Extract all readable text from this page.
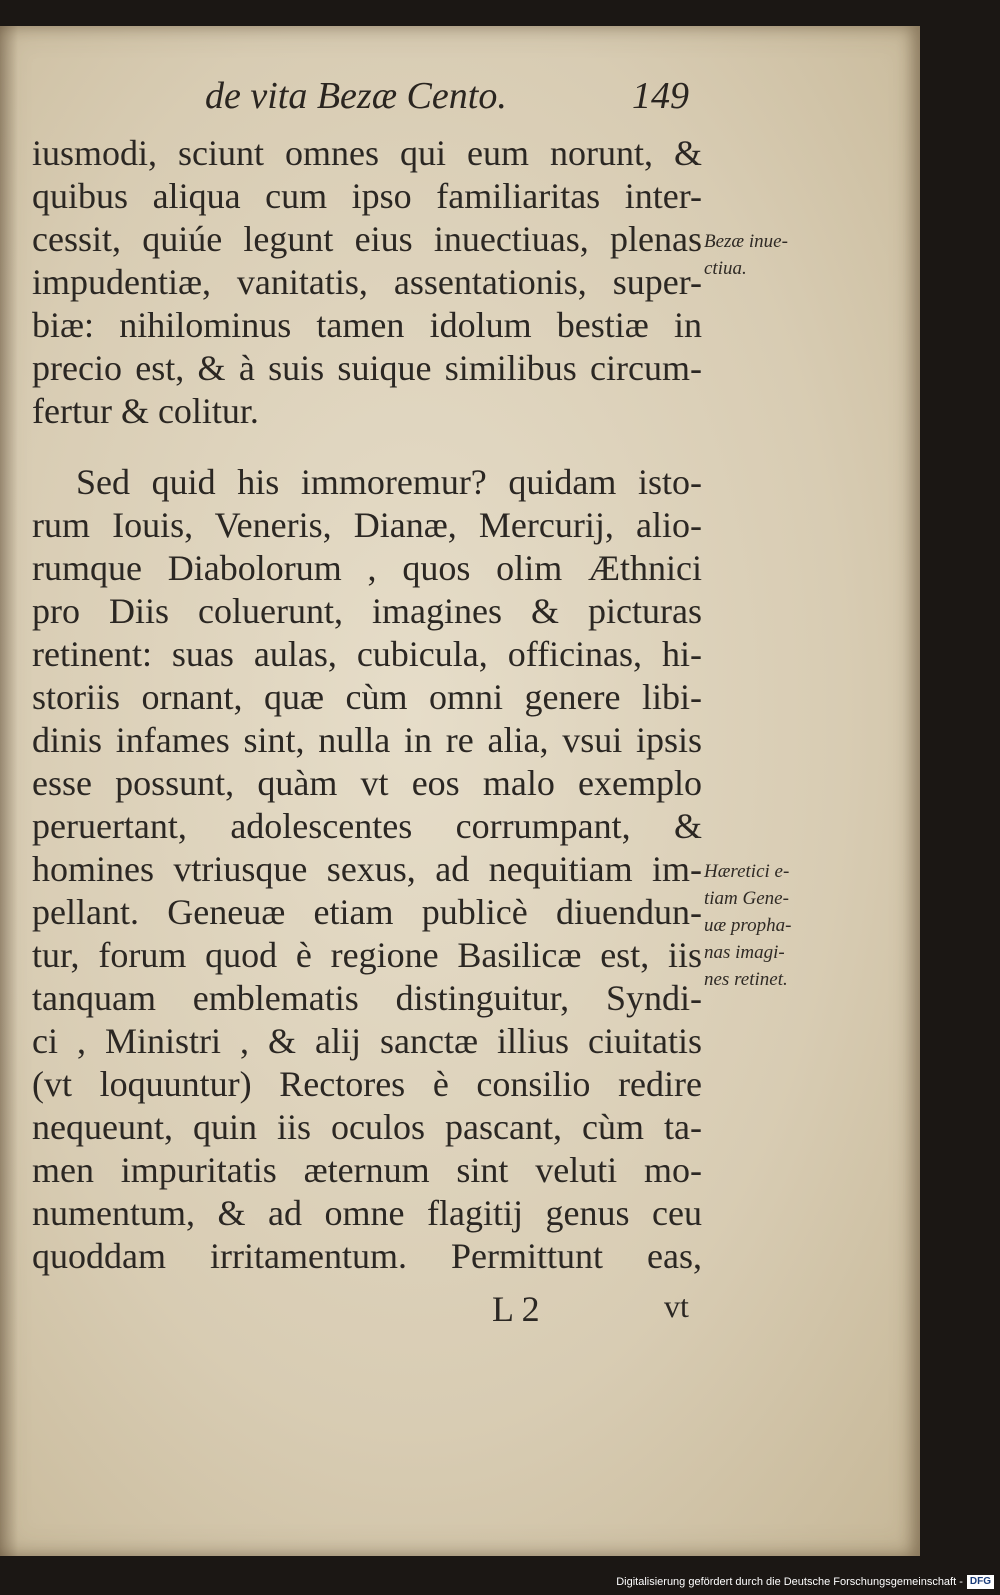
de vita Bezæ Cento.	149
iusmodi, sciunt omnes qui eum norunt, &
quibus aliqua cum ipso familiaritas inter-
cessit, quiúe legunt eius inuectiuas, plenas
impudentiæ, vanitatis, assentationis, super-
biæ: nihilominus tamen idolum bestiæ in
precio est, & à suis suique similibus circum-
fertur & colitur.
Sed quid his immoremur? quidam isto-
rum Iouis, Veneris, Dianæ, Mercurij, alio-
rumque Diabolorum , quos olim Æthnici
pro Diis coluerunt, imagines & picturas
retinent: suas aulas, cubicula, officinas, hi-
storiis ornant, quæ cùm omni genere libi-
dinis infames sint, nulla in re alia, vsui ipsis
esse possunt, quàm vt eos malo exemplo
peruertant, adolescentes corrumpant, &
homines vtriusque sexus, ad nequitiam im-
pellant. Geneuæ etiam publicè diuendun-
tur, forum quod è regione Basilicæ est, iis
tanquam emblematis distinguitur, Syndi-
ci , Ministri , & alij sanctæ illius ciuitatis
(vt loquuntur) Rectores è consilio redire
nequeunt, quin iis oculos pascant, cùm ta-
men impuritatis æternum sint veluti mo-
numentum, & ad omne flagitij genus ceu
quoddam irritamentum. Permittunt eas,
Bezæ inue-
ctiua.
Hæretici e-
tiam Gene-
uæ propha-
nas imagi-
nes retinet.
L 2	vt
Digitalisierung gefördert durch die Deutsche Forschungsgemeinschaft - DFG
